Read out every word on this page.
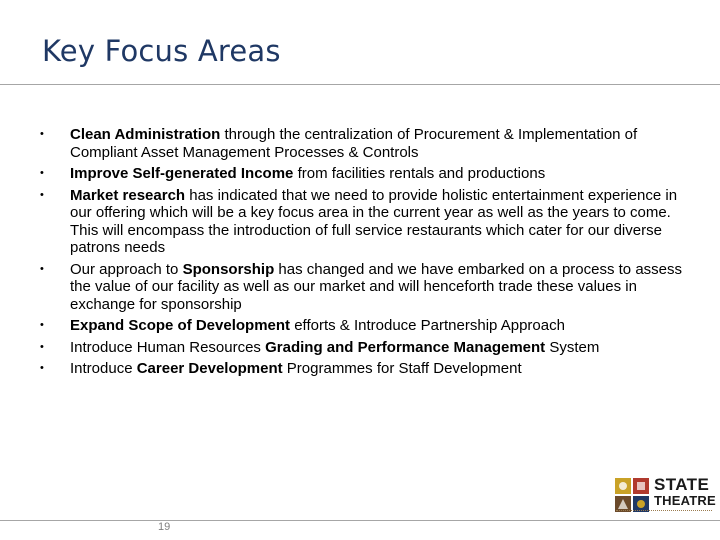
Key Focus Areas
•	Clean Administration through the centralization of Procurement & Implementation of Compliant Asset Management Processes & Controls
•	Improve Self-generated Income from facilities rentals and productions
•	Market research has indicated that we need to provide holistic entertainment experience in our offering which will be a key focus area in the current year as well as the years to come. This will encompass the introduction of full service restaurants which cater for our diverse patrons needs
•	Our approach to Sponsorship has changed and we have embarked on a process to assess the value of our facility as well as our market and will henceforth trade these values in exchange for sponsorship
•	Expand Scope of Development efforts & Introduce Partnership Approach
•	Introduce Human Resources Grading and Performance Management System
•	Introduce Career Development Programmes for Staff Development
19
STATE
THEATRE
